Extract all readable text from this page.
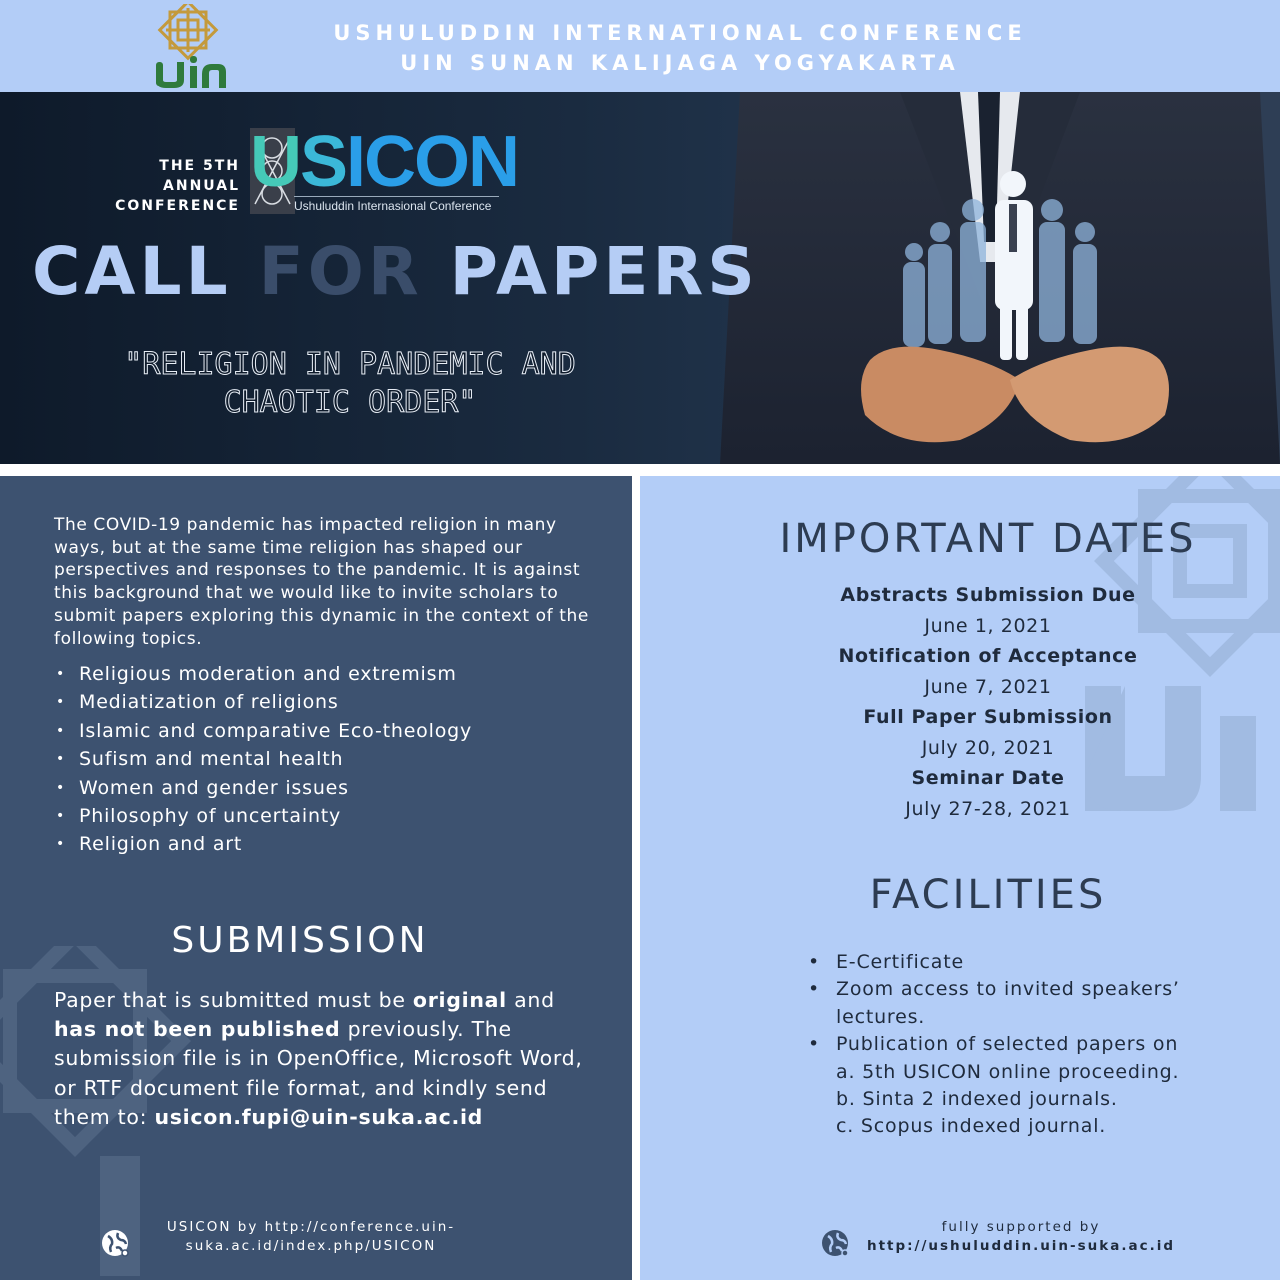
USHULUDDIN INTERNATIONAL CONFERENCE
UIN SUNAN KALIJAGA YOGYAKARTA
THE 5TH
ANNUAL
CONFERENCE
USICON
Ushuluddin Internasional Conference
CALL FOR PAPERS
"RELIGION IN PANDEMIC AND
CHAOTIC ORDER"
The COVID-19 pandemic has impacted religion in many ways, but at the same time religion has shaped our perspectives and responses to the pandemic. It is against this background that we would like to invite scholars to submit papers exploring this dynamic in the context of the following topics.
• Religious moderation and extremism
• Mediatization of religions
• Islamic and comparative Eco-theology
• Sufism and mental health
• Women and gender issues
• Philosophy of uncertainty
• Religion and art
SUBMISSION
Paper that is submitted must be original and has not been published previously. The submission file is in OpenOffice, Microsoft Word, or RTF document file format, and kindly send them to: usicon.fupi@uin-suka.ac.id
USICON by http://conference.uin-
suka.ac.id/index.php/USICON
IMPORTANT DATES
Abstracts Submission Due
June 1, 2021
Notification of Acceptance
June 7, 2021
Full Paper Submission
July 20, 2021
Seminar Date
July 27-28, 2021
FACILITIES
• E-Certificate
• Zoom access to invited speakers’ lectures.
• Publication of selected papers on
a. 5th USICON online proceeding.
b. Sinta 2 indexed journals.
c. Scopus indexed journal.
fully supported by
http://ushuluddin.uin-suka.ac.id
